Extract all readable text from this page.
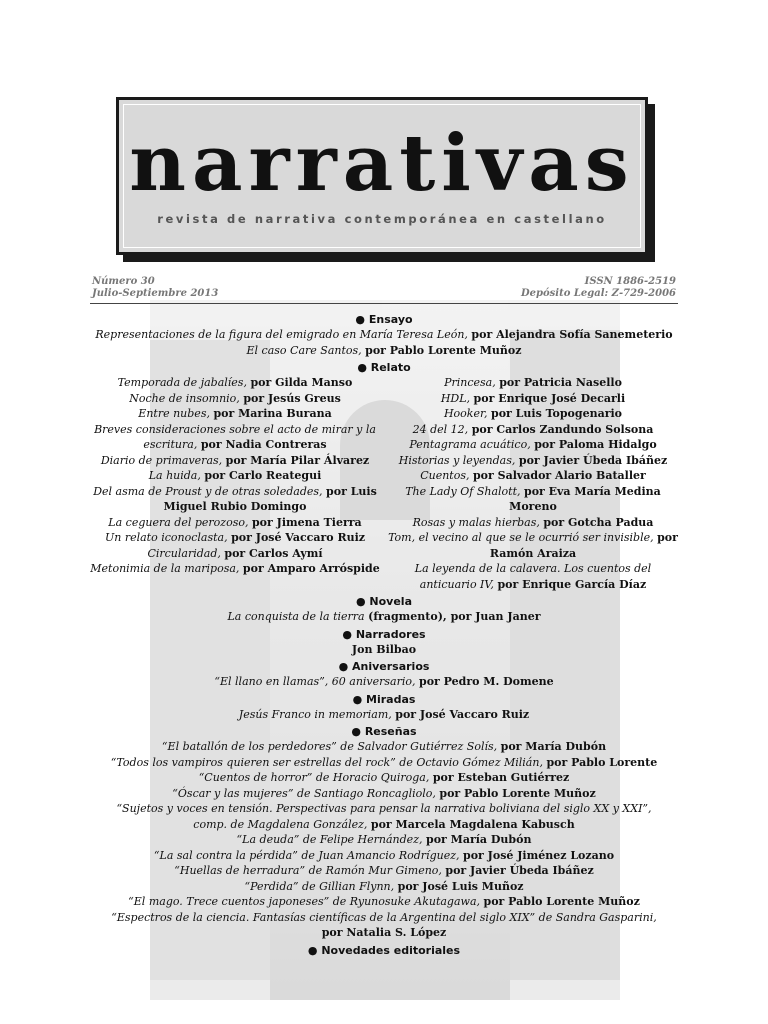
narrativas
revista de narrativa contemporánea en castellano
Número 30
Julio-Septiembre 2013
ISSN 1886-2519
Depósito Legal: Z-729-2006
● Ensayo
Representaciones de la figura del emigrado en María Teresa León, por Alejandra Sofía Sanemeterio
El caso Care Santos, por Pablo Lorente Muñoz
● Relato
Temporada de jabalíes, por Gilda Manso
Noche de insomnio, por Jesús Greus
Entre nubes, por Marina Burana
Breves consideraciones sobre el acto de mirar y la escritura, por Nadia Contreras
Diario de primaveras, por María Pilar Álvarez
La huida, por Carlo Reategui
Del asma de Proust y de otras soledades, por Luis Miguel Rubio Domingo
La ceguera del perozoso, por Jimena Tierra
Un relato iconoclasta, por José Vaccaro Ruiz
Circularidad, por Carlos Aymí
Metonimia de la mariposa, por Amparo Arróspide
Princesa, por Patricia Nasello
HDL, por Enrique José Decarli
Hooker, por Luis Topogenario
24 del 12, por Carlos Zandundo Solsona
Pentagrama acuático, por Paloma Hidalgo
Historias y leyendas, por Javier Úbeda Ibáñez
Cuentos, por Salvador Alario Bataller
The Lady Of Shalott, por Eva María Medina Moreno
Rosas y malas hierbas, por Gotcha Padua
Tom, el vecino al que se le ocurrió ser invisible, por Ramón Araiza
La leyenda de la calavera. Los cuentos del anticuario IV, por Enrique García Díaz
● Novela
La conquista de la tierra (fragmento), por Juan Janer
● Narradores
Jon Bilbao
● Aniversarios
“El llano en llamas”, 60 aniversario, por Pedro M. Domene
● Miradas
Jesús Franco in memoriam, por José Vaccaro Ruiz
● Reseñas
“El batallón de los perdedores” de Salvador Gutiérrez Solís, por María Dubón
“Todos los vampiros quieren ser estrellas del rock” de Octavio Gómez Milián, por Pablo Lorente
“Cuentos de horror” de Horacio Quiroga, por Esteban Gutiérrez
“Óscar y las mujeres” de Santiago Roncagliolo, por Pablo Lorente Muñoz
“Sujetos y voces en tensión. Perspectivas para pensar la narrativa boliviana del siglo XX y XXI”,
comp. de Magdalena González, por Marcela Magdalena Kabusch
“La deuda” de Felipe Hernández, por María Dubón
“La sal contra la pérdida” de Juan Amancio Rodríguez, por José Jiménez Lozano
“Huellas de herradura” de Ramón Mur Gimeno, por Javier Úbeda Ibáñez
“Perdida” de Gillian Flynn, por José Luis Muñoz
“El mago. Trece cuentos japoneses” de Ryunosuke Akutagawa, por Pablo Lorente Muñoz
“Espectros de la ciencia. Fantasías científicas de la Argentina del siglo XIX” de Sandra Gasparini,
por Natalia S. López
● Novedades editoriales
